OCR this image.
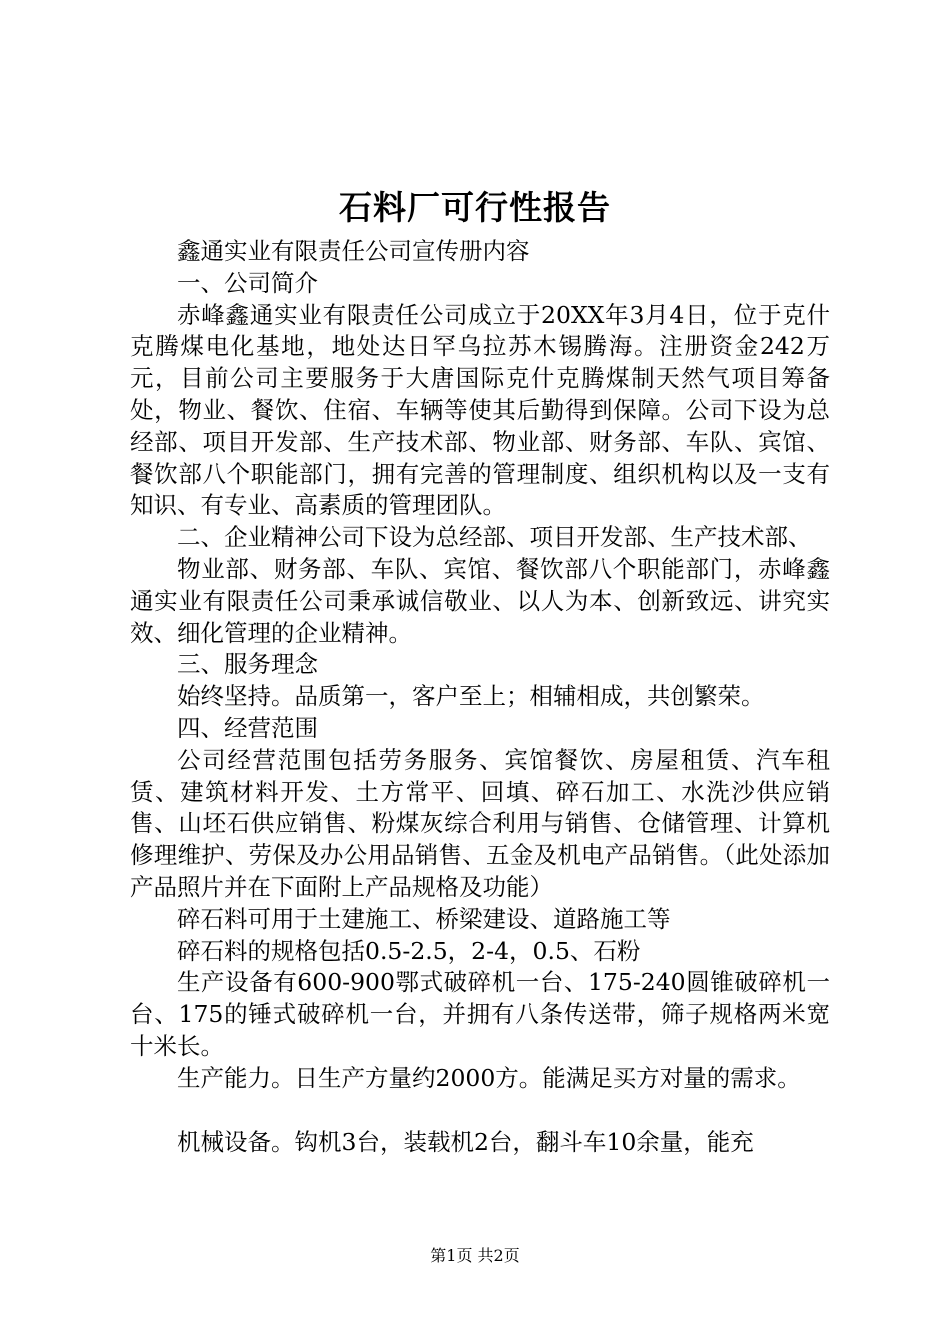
石料厂可行性报告

鑫通实业有限责任公司宣传册内容

一、公司简介

赤峰鑫通实业有限责任公司成立于20XX年3月4日，位于克什克腾煤电化基地，地处达日罕乌拉苏木锡腾海。注册资金242万元，目前公司主要服务于大唐国际克什克腾煤制天然气项目筹备处，物业、餐饮、住宿、车辆等使其后勤得到保障。公司下设为总经部、项目开发部、生产技术部、物业部、财务部、车队、宾馆、餐饮部八个职能部门，拥有完善的管理制度、组织机构以及一支有知识、有专业、高素质的管理团队。

二、企业精神公司下设为总经部、项目开发部、生产技术部、

物业部、财务部、车队、宾馆、餐饮部八个职能部门，赤峰鑫通实业有限责任公司秉承诚信敬业、以人为本、创新致远、讲究实效、细化管理的企业精神。

三、服务理念

始终坚持。品质第一，客户至上；相辅相成，共创繁荣。

四、经营范围

公司经营范围包括劳务服务、宾馆餐饮、房屋租赁、汽车租赁、建筑材料开发、土方常平、回填、碎石加工、水洗沙供应销售、山坯石供应销售、粉煤灰综合利用与销售、仓储管理、计算机修理维护、劳保及办公用品销售、五金及机电产品销售。（此处添加产品照片并在下面附上产品规格及功能）

碎石料可用于土建施工、桥梁建设、道路施工等

碎石料的规格包括0.5-2.5，2-4，0.5、石粉

生产设备有600-900鄂式破碎机一台、175-240圆锥破碎机一台、175的锤式破碎机一台，并拥有八条传送带，筛子规格两米宽十米长。

生产能力。日生产方量约2000方。能满足买方对量的需求。

机械设备。钩机3台，装载机2台，翻斗车10余量，能充

第1页 共2页
